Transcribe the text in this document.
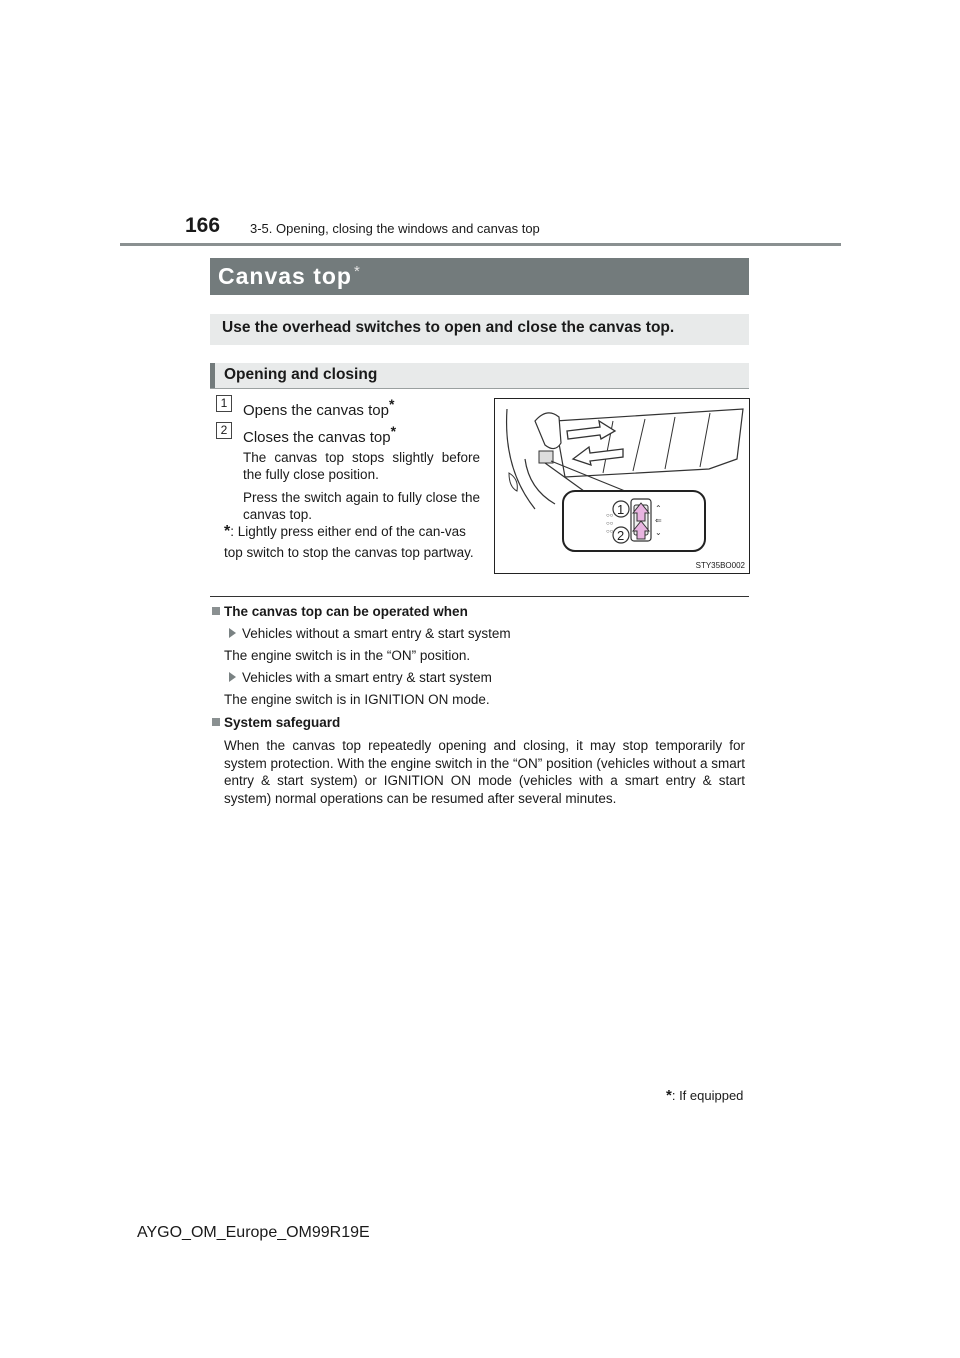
166 3-5. Opening, closing the windows and canvas top
Canvas top *
Use the overhead switches to open and close the canvas top.
Opening and closing
1	Opens the canvas top*
2	Closes the canvas top*
The canvas top stops slightly before the fully close position.
Press the switch again to fully close the canvas top.
*: Lightly press either end of the can-vas top switch to stop the canvas top partway.
○○
○○
○○
⌃
⇐
⌄
1
2
STY35BO002
The canvas top can be operated when
Vehicles without a smart entry & start system
The engine switch is in the “ON” position.
Vehicles with a smart entry & start system
The engine switch is in IGNITION ON mode.
System safeguard
When the canvas top repeatedly opening and closing, it may stop temporarily for system protection. With the engine switch in the “ON” position (vehicles without a smart entry & start system) or IGNITION ON mode (vehicles with a smart entry & start system) normal operations can be resumed after several minutes.
*: If equipped
AYGO_OM_Europe_OM99R19E
